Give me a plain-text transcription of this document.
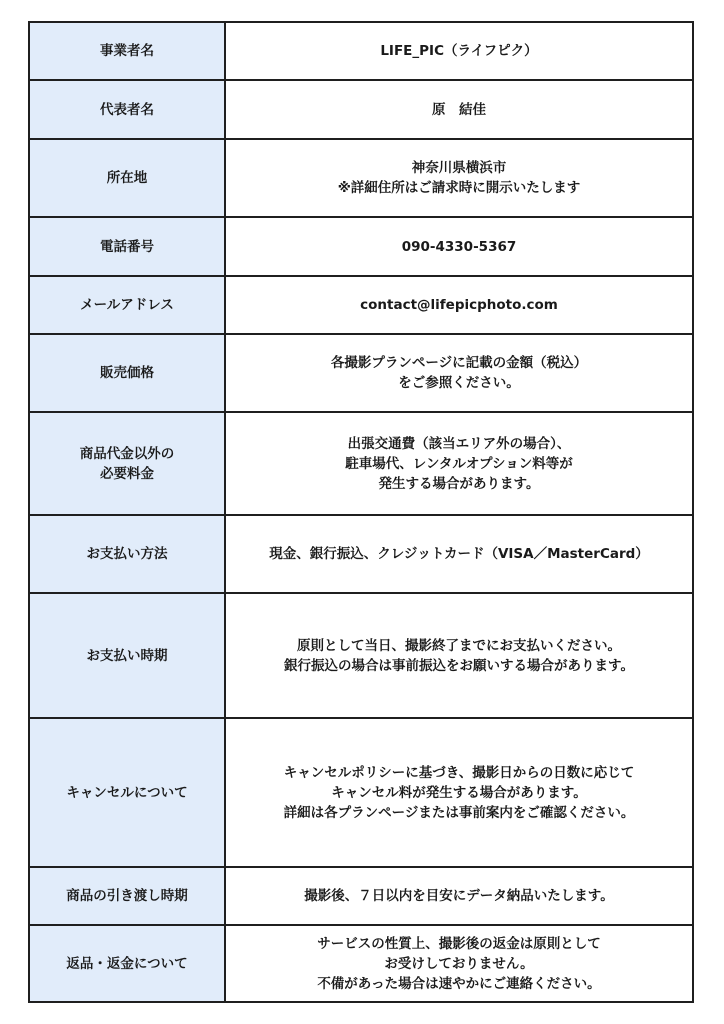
事業者名	LIFE_PIC（ライフピク）

代表者名	原　結佳

所在地	神奈川県横浜市
※詳細住所はご請求時に開示いたします

電話番号	090-4330-5367

メールアドレス	contact@lifepicphoto.com

販売価格	各撮影プランページに記載の金額（税込）
をご参照ください。

商品代金以外の
必要料金	出張交通費（該当エリア外の場合）、
駐車場代、レンタルオプション料等が
発生する場合があります。

お支払い方法	現金、銀行振込、クレジットカード（VISA／MasterCard）

お支払い時期	原則として当日、撮影終了までにお支払いください。
銀行振込の場合は事前振込をお願いする場合があります。

キャンセルについて	キャンセルポリシーに基づき、撮影日からの日数に応じて
キャンセル料が発生する場合があります。
詳細は各プランページまたは事前案内をご確認ください。

商品の引き渡し時期	撮影後、７日以内を目安にデータ納品いたします。

返品・返金について	サービスの性質上、撮影後の返金は原則として
お受けしておりません。
不備があった場合は速やかにご連絡ください。
